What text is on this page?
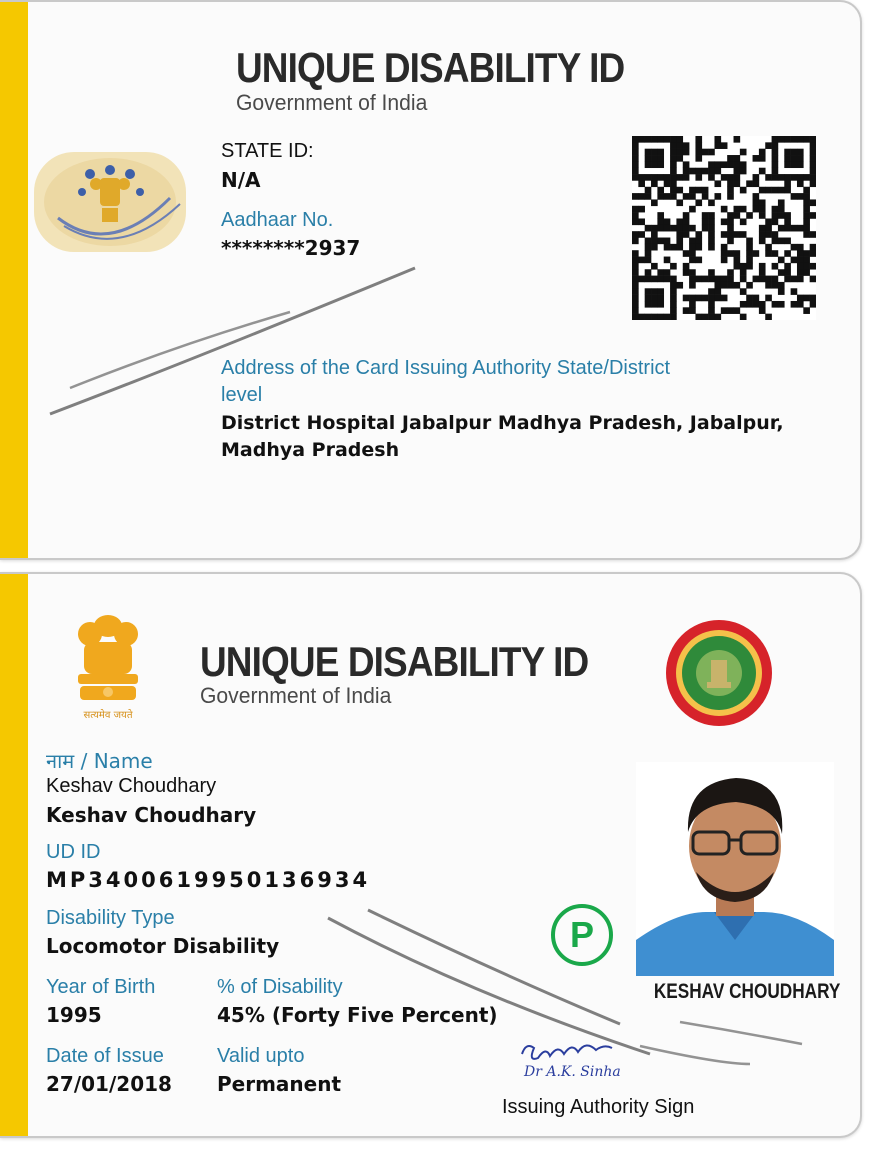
UNIQUE DISABILITY ID
Government of India
STATE ID:
N/A
Aadhaar No.
********2937
Address of the Card Issuing Authority State/District
level
District Hospital Jabalpur Madhya Pradesh, Jabalpur,
Madhya Pradesh
सत्यमेव जयते
UNIQUE DISABILITY ID
Government of India
नाम / Name
Keshav Choudhary
Keshav Choudhary
UD ID
MP3400619950136934
Disability Type
Locomotor Disability
Year of Birth
1995
% of Disability
45% (Forty Five Percent)
Date of Issue
27/01/2018
Valid upto
Permanent
P
KESHAV CHOUDHARY
Dr A.K. Sinha
Issuing Authority Sign
